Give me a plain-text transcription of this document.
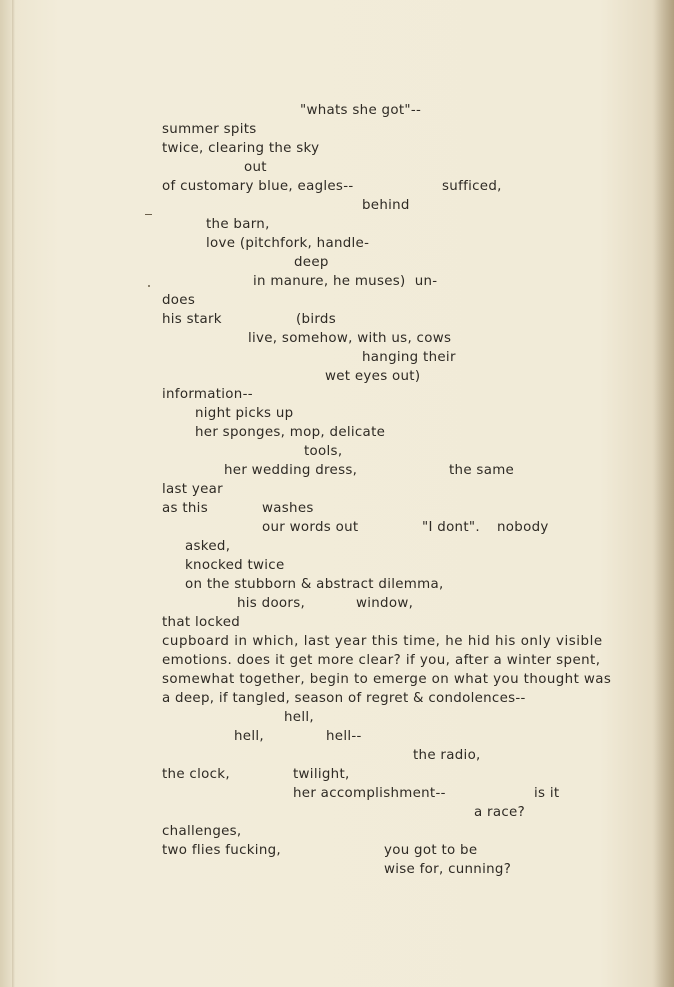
"whats she got"--
summer spits
twice, clearing the sky
out
of customary blue, eagles--	sufficed,
behind
the barn,
love (pitchfork, handle-
deep
in manure, he muses)  un-
does
his stark	(birds
live, somehow, with us, cows
hanging their
wet eyes out)
information--
night picks up
her sponges, mop, delicate
tools,
her wedding dress,	the same
last year
as this	washes
our words out	"I dont". nobody
asked,
knocked twice
on the stubborn & abstract dilemma,
his doors,	window,
that locked
cupboard in which, last year this time, he hid his only visible
emotions. does it get more clear? if you, after a winter spent,
somewhat together, begin to emerge on what you thought was
a deep, if tangled, season of regret & condolences--
hell,
hell,	hell--
the radio,
the clock,	twilight,
her accomplishment--	is it
a race?
challenges,
two flies fucking,	you got to be
wise for, cunning?
